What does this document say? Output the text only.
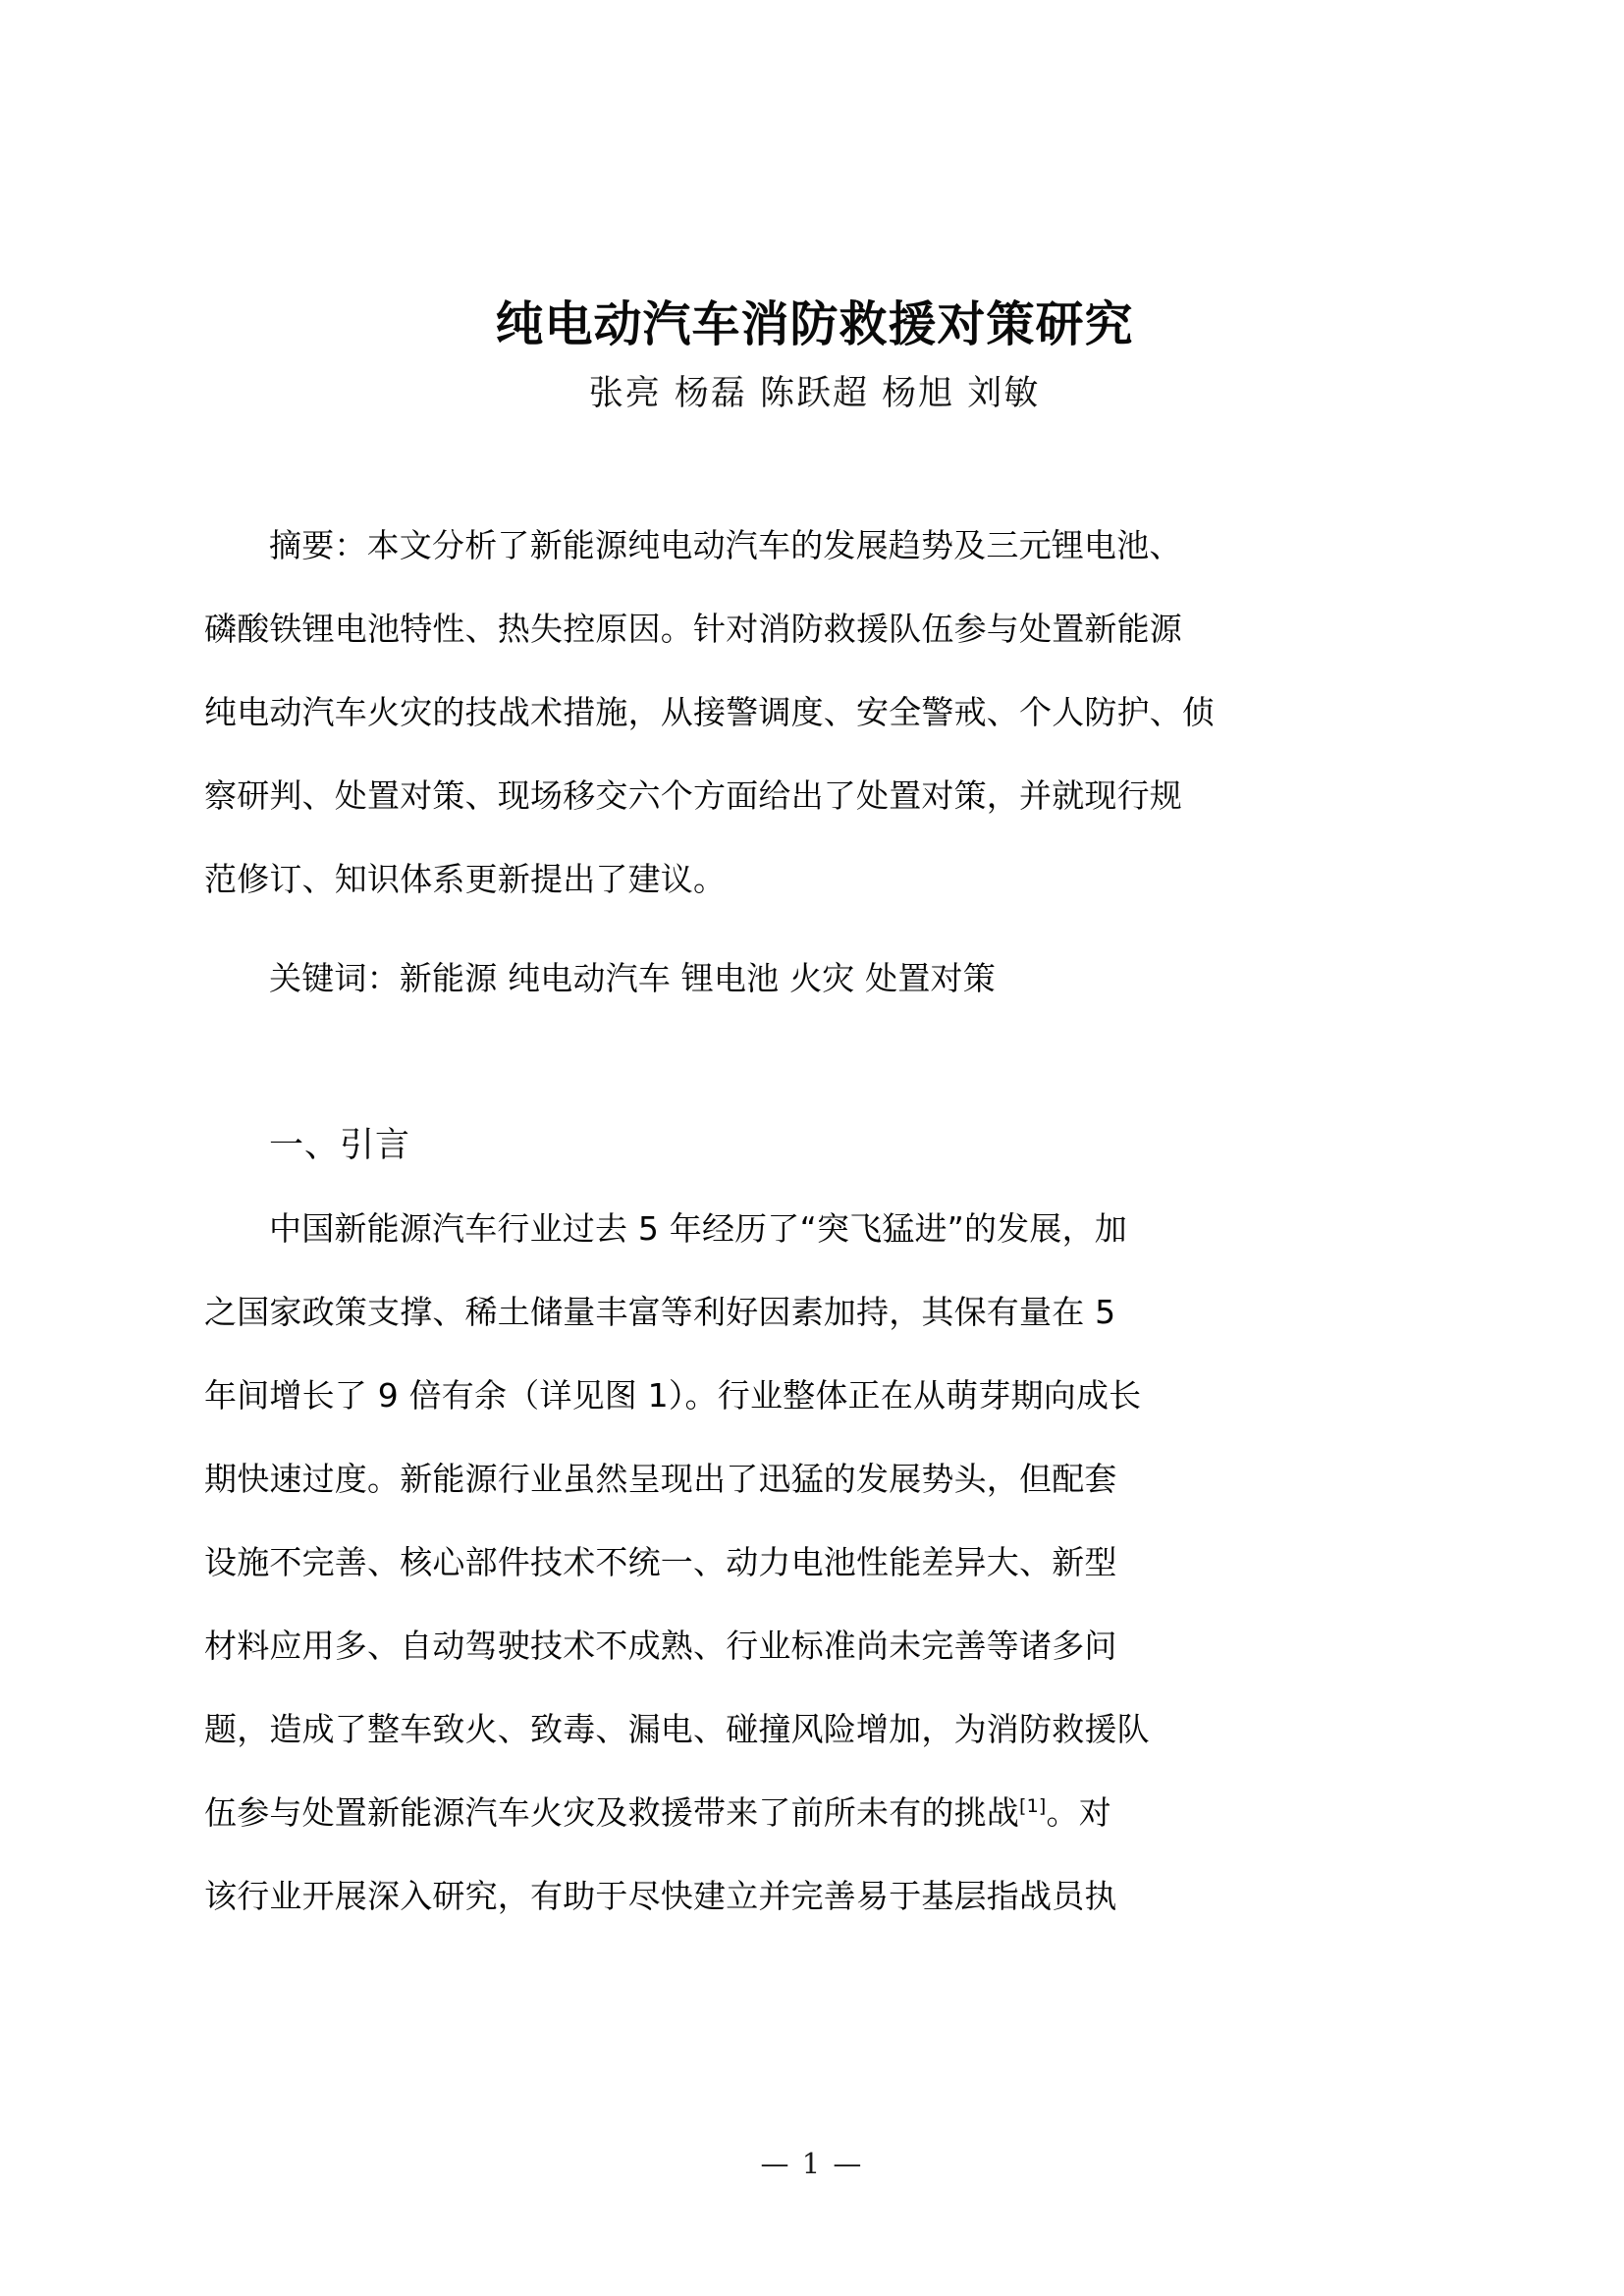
纯电动汽车消防救援对策研究

张亮 杨磊 陈跃超 杨旭 刘敏

摘要：本文分析了新能源纯电动汽车的发展趋势及三元锂电池、
磷酸铁锂电池特性、热失控原因。针对消防救援队伍参与处置新能源
纯电动汽车火灾的技战术措施，从接警调度、安全警戒、个人防护、侦
察研判、处置对策、现场移交六个方面给出了处置对策，并就现行规
范修订、知识体系更新提出了建议。
关键词：新能源 纯电动汽车 锂电池 火灾 处置对策
一、引言
中国新能源汽车行业过去 5 年经历了“突飞猛进”的发展，加
之国家政策支撑、稀土储量丰富等利好因素加持，其保有量在 5
年间增长了 9 倍有余（详见图 1）。行业整体正在从萌芽期向成长
期快速过度。新能源行业虽然呈现出了迅猛的发展势头，但配套
设施不完善、核心部件技术不统一、动力电池性能差异大、新型
材料应用多、自动驾驶技术不成熟、行业标准尚未完善等诸多问
题，造成了整车致火、致毒、漏电、碰撞风险增加，为消防救援队
伍参与处置新能源汽车火灾及救援带来了前所未有的挑战[1]。对
该行业开展深入研究，有助于尽快建立并完善易于基层指战员执
— 1 —
